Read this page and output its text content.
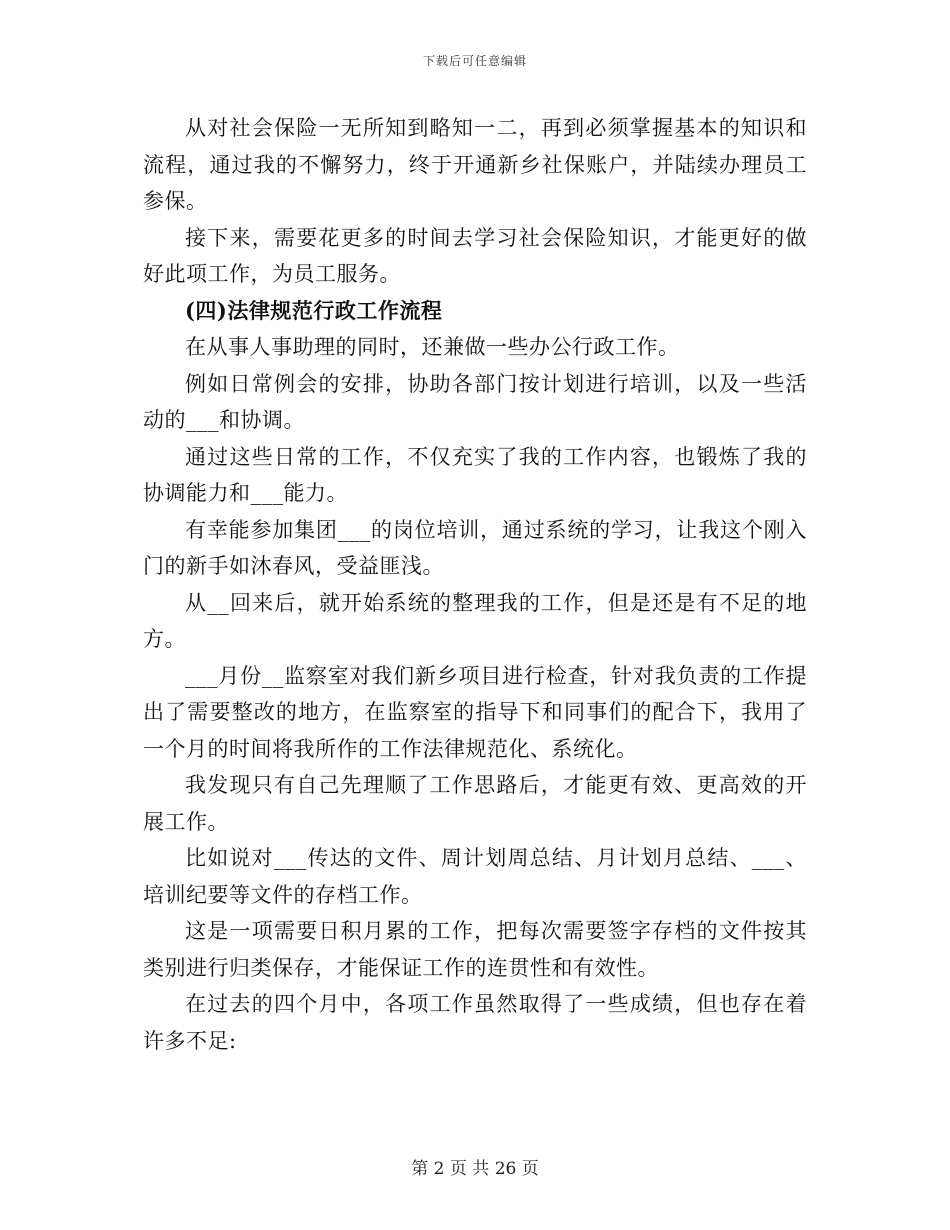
下载后可任意编辑

从对社会保险一无所知到略知一二，再到必须掌握基本的知识和流程，通过我的不懈努力，终于开通新乡社保账户，并陆续办理员工参保。

接下来，需要花更多的时间去学习社会保险知识，才能更好的做好此项工作，为员工服务。

(四)法律规范行政工作流程

在从事人事助理的同时，还兼做一些办公行政工作。

例如日常例会的安排，协助各部门按计划进行培训，以及一些活动的___和协调。

通过这些日常的工作，不仅充实了我的工作内容，也锻炼了我的协调能力和___能力。

有幸能参加集团___的岗位培训，通过系统的学习，让我这个刚入门的新手如沐春风，受益匪浅。

从__回来后，就开始系统的整理我的工作，但是还是有不足的地方。

___月份__监察室对我们新乡项目进行检查，针对我负责的工作提出了需要整改的地方，在监察室的指导下和同事们的配合下，我用了一个月的时间将我所作的工作法律规范化、系统化。

我发现只有自己先理顺了工作思路后，才能更有效、更高效的开展工作。

比如说对___传达的文件、周计划周总结、月计划月总结、___、培训纪要等文件的存档工作。

这是一项需要日积月累的工作，把每次需要签字存档的文件按其类别进行归类保存，才能保证工作的连贯性和有效性。

在过去的四个月中，各项工作虽然取得了一些成绩，但也存在着许多不足:

第 2 页 共 26 页
